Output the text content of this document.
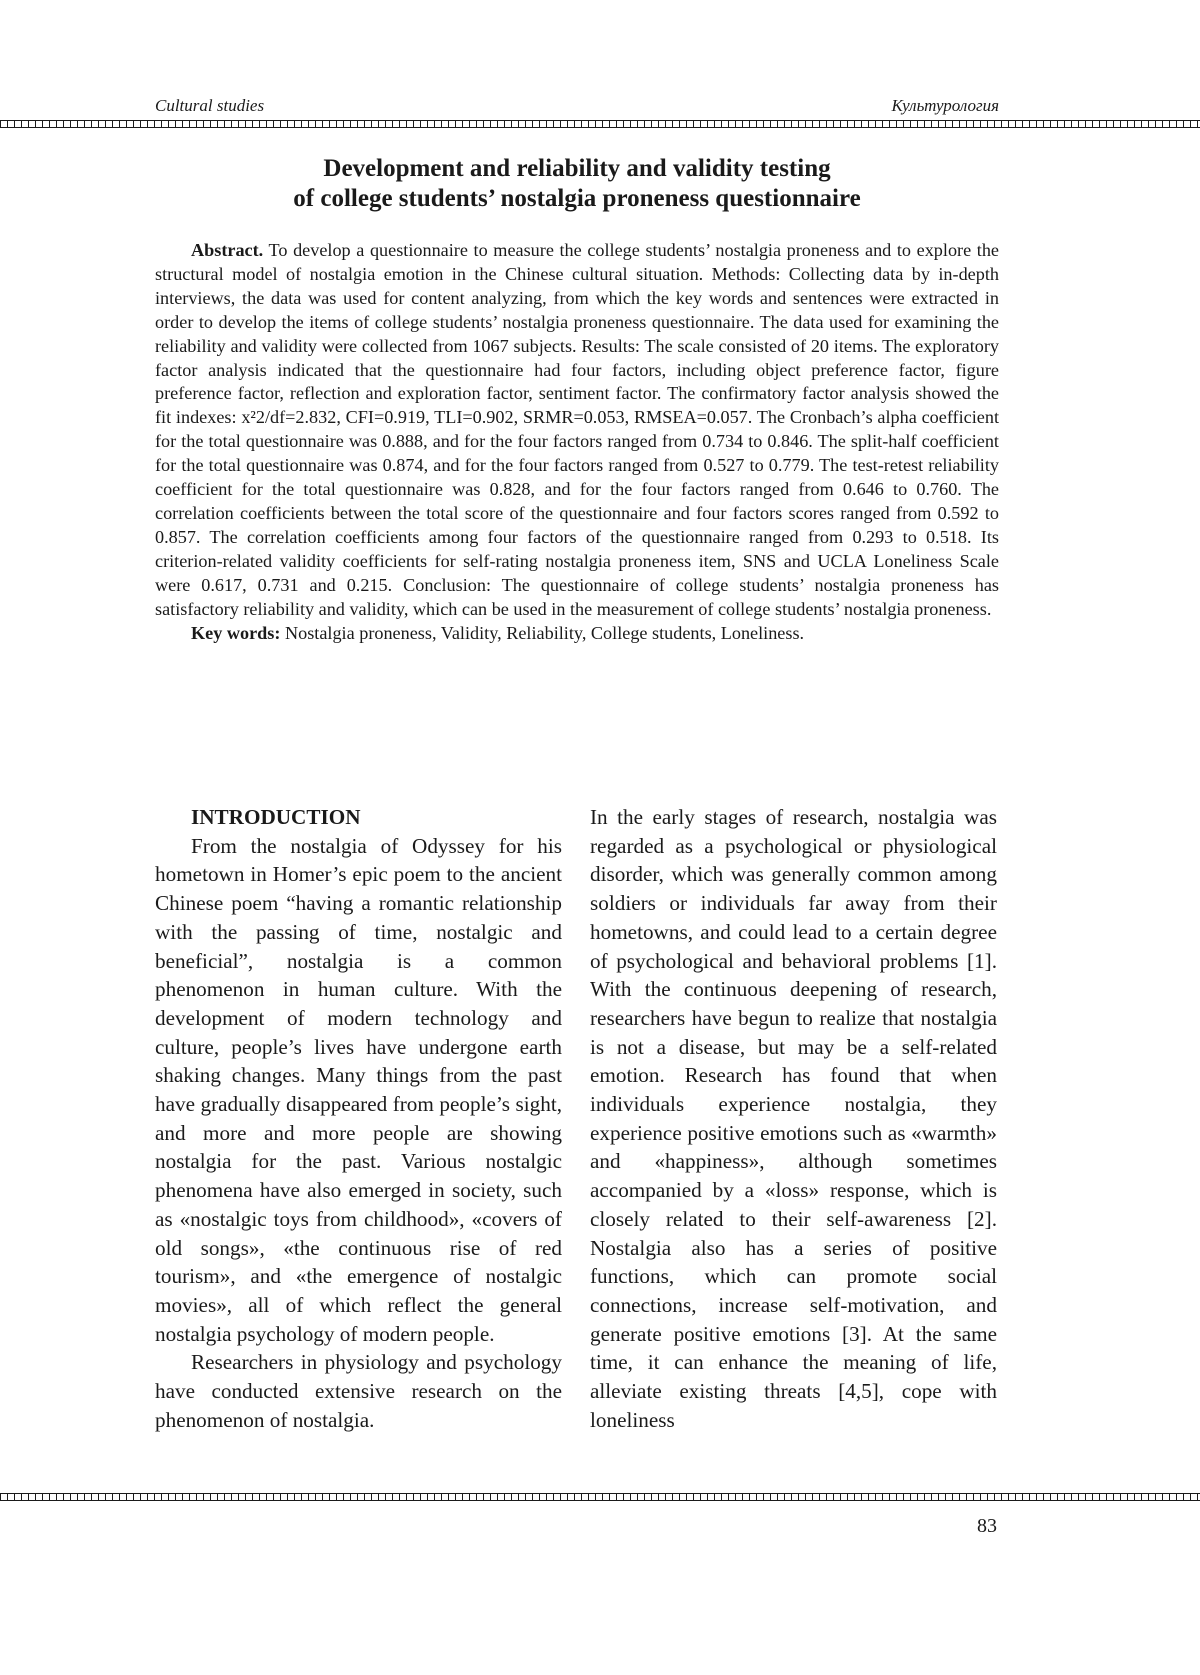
Cultural studies	Культурология
Development and reliability and validity testing
of college students’ nostalgia proneness questionnaire

Abstract. To develop a questionnaire to measure the college students’ nostalgia proneness and to explore the structural model of nostalgia emotion in the Chinese cultural situation. Methods: Collecting data by in-depth interviews, the data was used for content analyzing, from which the key words and sentences were extracted in order to develop the items of college students’ nostalgia proneness questionnaire. The data used for examining the reliability and validity were collected from 1067 subjects. Results: The scale consisted of 20 items. The exploratory factor analysis indicated that the questionnaire had four factors, including object preference factor, figure preference factor, reflection and exploration factor, sentiment factor. The confirmatory factor analysis showed the fit indexes: x²2/df=2.832, CFI=0.919, TLI=0.902, SRMR=0.053, RMSEA=0.057. The Cronbach’s alpha coefficient for the total questionnaire was 0.888, and for the four factors ranged from 0.734 to 0.846. The split-half coefficient for the total questionnaire was 0.874, and for the four factors ranged from 0.527 to 0.779. The test-retest reliability coefficient for the total questionnaire was 0.828, and for the four factors ranged from 0.646 to 0.760. The correlation coefficients between the total score of the questionnaire and four factors scores ranged from 0.592 to 0.857. The correlation coefficients among four factors of the questionnaire ranged from 0.293 to 0.518. Its criterion-related validity coefficients for self-rating nostalgia proneness item, SNS and UCLA Loneliness Scale were 0.617, 0.731 and 0.215. Conclusion: The questionnaire of college students’ nostalgia proneness has satisfactory reliability and validity, which can be used in the measurement of college students’ nostalgia proneness.

Key words: Nostalgia proneness, Validity, Reliability, College students, Loneliness.

INTRODUCTION

From the nostalgia of Odyssey for his hometown in Homer’s epic poem to the ancient Chinese poem “having a romantic relationship with the passing of time, nostalgic and beneficial”, nostalgia is a common phenomenon in human culture. With the development of modern technology and culture, people’s lives have undergone earth shaking changes. Many things from the past have gradually disappeared from people’s sight, and more and more people are showing nostalgia for the past. Various nostalgic phenomena have also emerged in society, such as «nostalgic toys from childhood», «covers of old songs», «the continuous rise of red tourism», and «the emergence of nostalgic movies», all of which reflect the general nostalgia psychology of modern people.

Researchers in physiology and psychology have conducted extensive research on the phenomenon of nostalgia.

In the early stages of research, nostalgia was regarded as a psychological or physiological disorder, which was generally common among soldiers or individuals far away from their hometowns, and could lead to a certain degree of psychological and behavioral problems [1]. With the continuous deepening of research, researchers have begun to realize that nostalgia is not a disease, but may be a self-related emotion. Research has found that when individuals experience nostalgia, they experience positive emotions such as «warmth» and «happiness», although sometimes accompanied by a «loss» response, which is closely related to their self-awareness [2]. Nostalgia also has a series of positive functions, which can promote social connections, increase self-motivation, and generate positive emotions [3]. At the same time, it can enhance the meaning of life, alleviate existing threats [4,5], cope with loneliness

83
